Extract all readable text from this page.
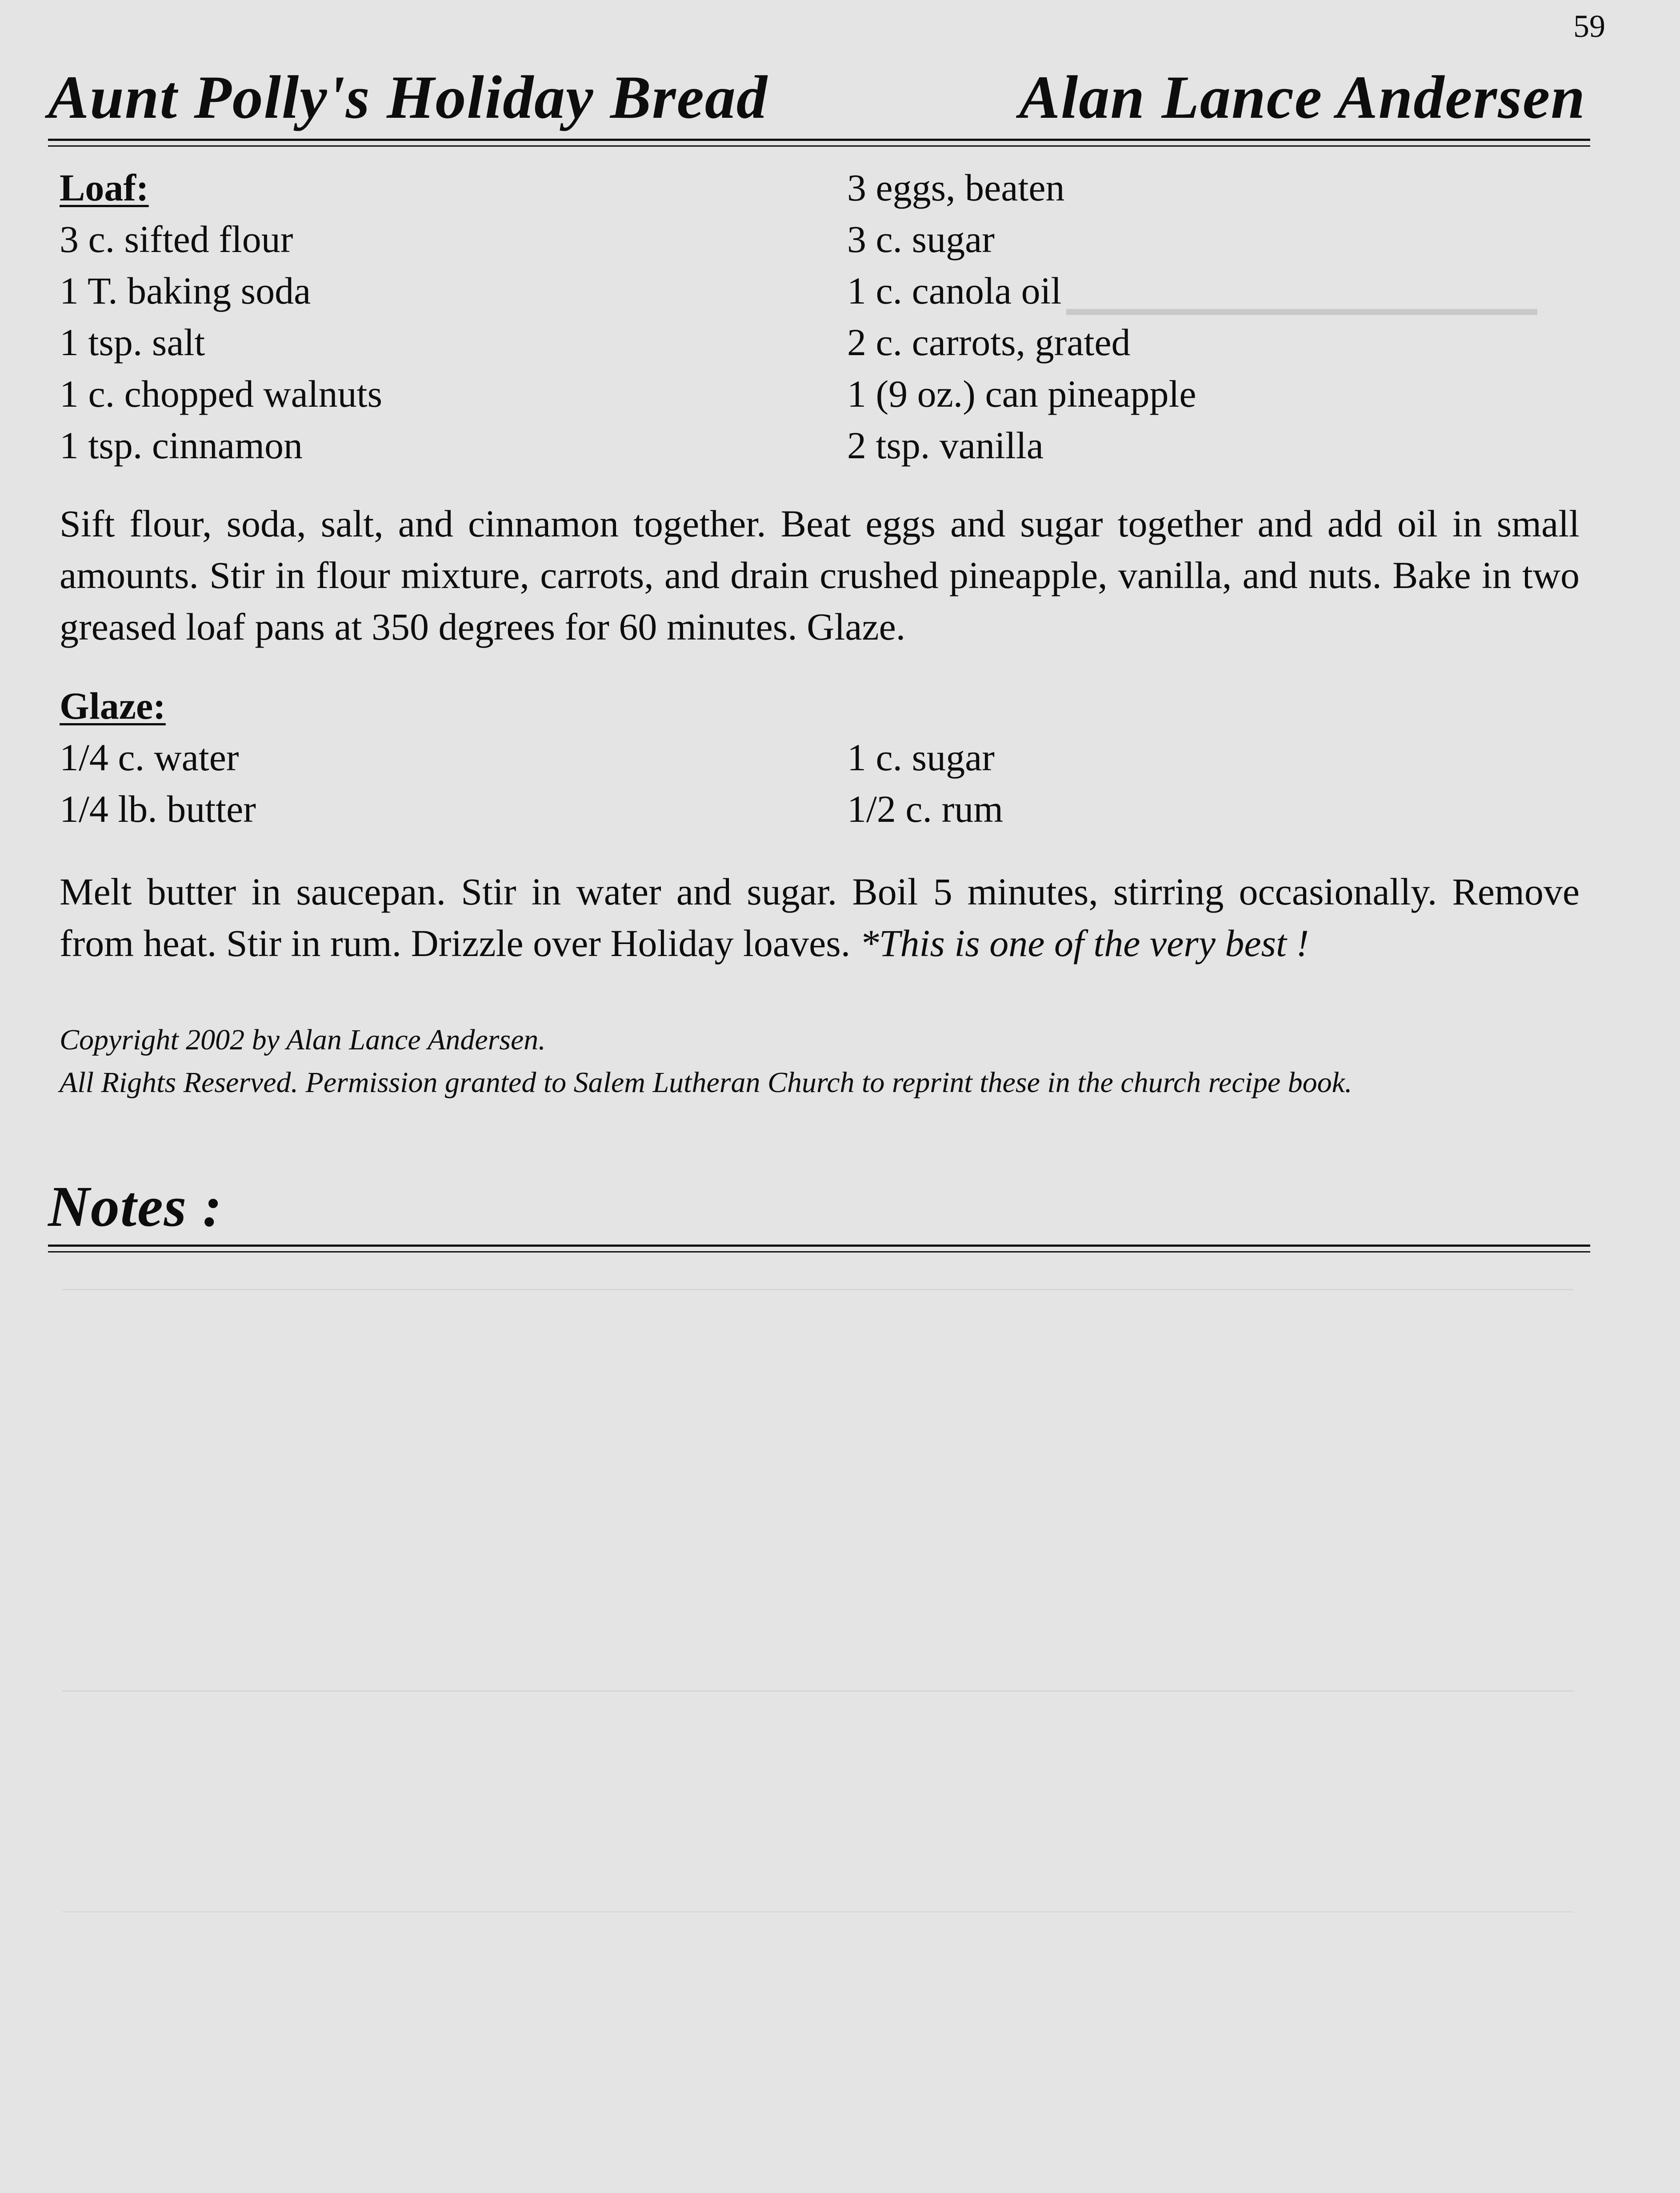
▁▁▁▁▁▁▁▁▁▁▁▁▁▁▁▁
59
Aunt Polly's Holiday Bread	Alan Lance Andersen
Loaf:
3 c. sifted flour
1 T. baking soda
1 tsp. salt
1 c. chopped walnuts
1 tsp. cinnamon
3 eggs, beaten
3 c. sugar
1 c. canola oil
2 c. carrots, grated
1 (9 oz.) can pineapple
2 tsp. vanilla
Sift flour, soda, salt, and cinnamon together. Beat eggs and sugar together and add oil in small amounts. Stir in flour mixture, carrots, and drain crushed pineapple, vanilla, and nuts. Bake in two greased loaf pans at 350 degrees for 60 minutes. Glaze.
Glaze:
1/4 c. water
1/4 lb. butter
1 c. sugar
1/2 c. rum
Melt butter in saucepan. Stir in water and sugar. Boil 5 minutes, stirring occasionally. Remove from heat. Stir in rum. Drizzle over Holiday loaves. *This is one of the very best !
Copyright 2002 by Alan Lance Andersen.
All Rights Reserved. Permission granted to Salem Lutheran Church to reprint these in the church recipe book.
Notes :
